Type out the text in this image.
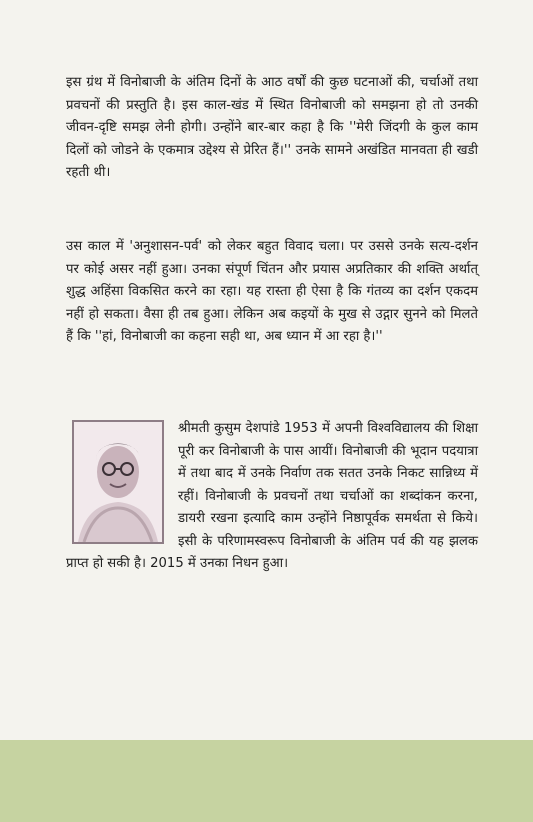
इस ग्रंथ में विनोबाजी के अंतिम दिनों के आठ वर्षों की कुछ घटनाओं की, चर्चाओं तथा प्रवचनों की प्रस्तुति है। इस काल-खंड में स्थित विनोबाजी को समझना हो तो उनकी जीवन-दृष्टि समझ लेनी होगी। उन्होंने बार-बार कहा है कि ''मेरी जिंदगी के कुल काम दिलों को जोडने के एकमात्र उद्देश्य से प्रेरित हैं।'' उनके सामने अखंडित मानवता ही खडी रहती थी।

उस काल में 'अनुशासन-पर्व' को लेकर बहुत विवाद चला। पर उससे उनके सत्य-दर्शन पर कोई असर नहीं हुआ। उनका संपूर्ण चिंतन और प्रयास अप्रतिकार की शक्ति अर्थात् शुद्ध अहिंसा विकसित करने का रहा। यह रास्ता ही ऐसा है कि गंतव्य का दर्शन एकदम नहीं हो सकता। वैसा ही तब हुआ। लेकिन अब कइयों के मुख से उद्गार सुनने को मिलते हैं कि ''हां, विनोबाजी का कहना सही था, अब ध्यान में आ रहा है।''

श्रीमती कुसुम देशपांडे 1953 में अपनी विश्वविद्यालय की शिक्षा पूरी कर विनोबाजी के पास आयीं। विनोबाजी की भूदान पदयात्रा में तथा बाद में उनके निर्वाण तक सतत उनके निकट सान्निध्य में रहीं। विनोबाजी के प्रवचनों तथा चर्चाओं का शब्दांकन करना, डायरी रखना इत्यादि काम उन्होंने निष्ठापूर्वक समर्थता से किये। इसी के परिणामस्वरूप विनोबाजी के अंतिम पर्व की यह झलक प्राप्त हो सकी है। 2015 में उनका निधन हुआ।
